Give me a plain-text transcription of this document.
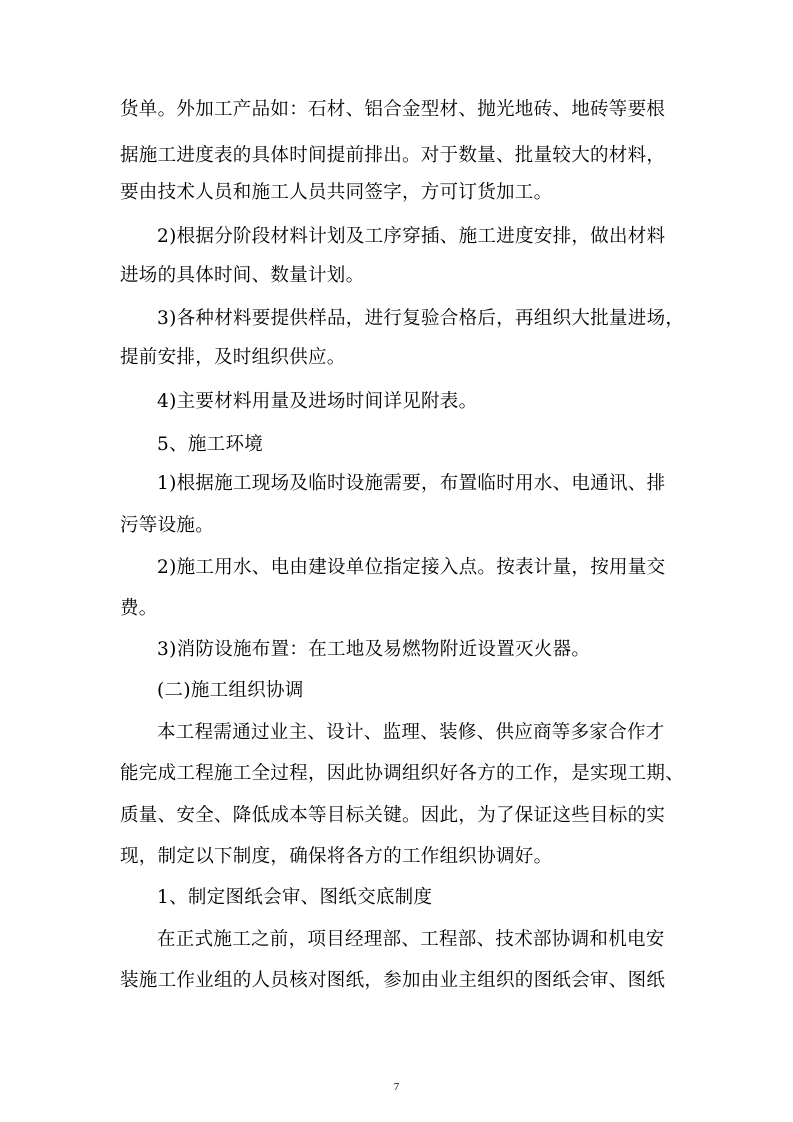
货单。外加工产品如：石材、铝合金型材、抛光地砖、地砖等要根
据施工进度表的具体时间提前排出。对于数量、批量较大的材料，
要由技术人员和施工人员共同签字，方可订货加工。
2)根据分阶段材料计划及工序穿插、施工进度安排，做出材料
进场的具体时间、数量计划。
3)各种材料要提供样品，进行复验合格后，再组织大批量进场，
提前安排，及时组织供应。
4)主要材料用量及进场时间详见附表。
5、施工环境
1)根据施工现场及临时设施需要，布置临时用水、电通讯、排
污等设施。
2)施工用水、电由建设单位指定接入点。按表计量，按用量交
费。
3)消防设施布置：在工地及易燃物附近设置灭火器。
(二)施工组织协调
本工程需通过业主、设计、监理、装修、供应商等多家合作才
能完成工程施工全过程，因此协调组织好各方的工作，是实现工期、
质量、安全、降低成本等目标关键。因此，为了保证这些目标的实
现，制定以下制度，确保将各方的工作组织协调好。
1、制定图纸会审、图纸交底制度
在正式施工之前，项目经理部、工程部、技术部协调和机电安
装施工作业组的人员核对图纸，参加由业主组织的图纸会审、图纸
7
